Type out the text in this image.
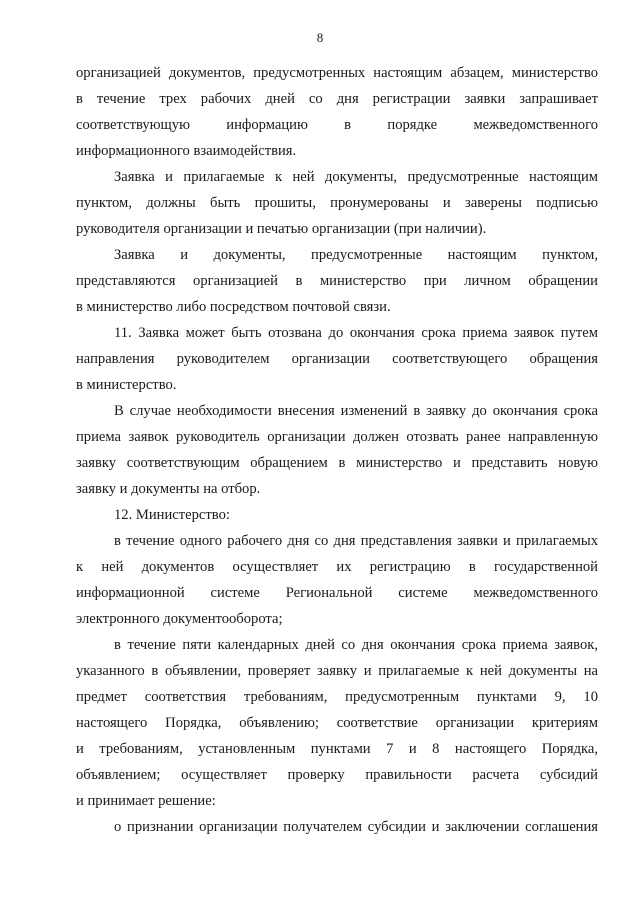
8
организацией документов, предусмотренных настоящим абзацем, министерство
в течение трех рабочих дней со дня регистрации заявки запрашивает
соответствующую информацию в порядке межведомственного
информационного взаимодействия.
Заявка и прилагаемые к ней документы, предусмотренные настоящим
пунктом, должны быть прошиты, пронумерованы и заверены подписью
руководителя организации и печатью организации (при наличии).
Заявка и документы, предусмотренные настоящим пунктом,
представляются организацией в министерство при личном обращении
в министерство либо посредством почтовой связи.
11. Заявка может быть отозвана до окончания срока приема заявок путем
направления руководителем организации соответствующего обращения
в министерство.
В случае необходимости внесения изменений в заявку до окончания срока
приема заявок руководитель организации должен отозвать ранее направленную
заявку соответствующим обращением в министерство и представить новую
заявку и документы на отбор.
12. Министерство:
в течение одного рабочего дня со дня представления заявки и прилагаемых
к ней документов осуществляет их регистрацию в государственной
информационной системе Региональной системе межведомственного
электронного документооборота;
в течение пяти календарных дней со дня окончания срока приема заявок,
указанного в объявлении, проверяет заявку и прилагаемые к ней документы на
предмет соответствия требованиям, предусмотренным пунктами 9, 10
настоящего Порядка, объявлению; соответствие организации критериям
и требованиям, установленным пунктами 7 и 8 настоящего Порядка,
объявлением; осуществляет проверку правильности расчета субсидий
и принимает решение:
о признании организации получателем субсидии и заключении соглашения
